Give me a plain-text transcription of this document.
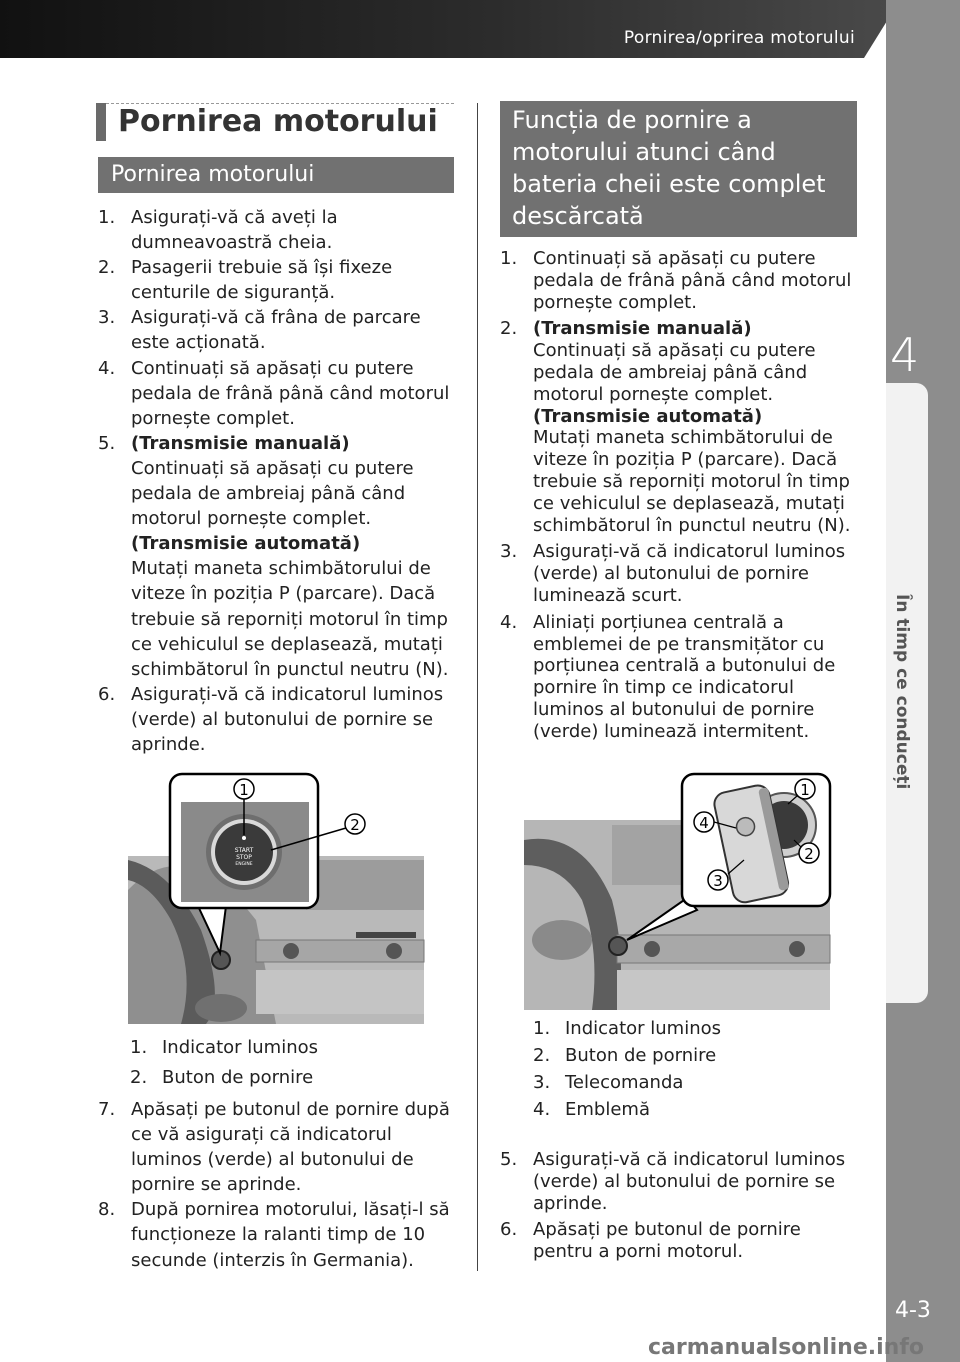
Pornirea/oprirea motorului
4
În timp ce conduceți
4-3
carmanualsonline.info
Pornirea motorului
Pornirea motorului
1. Asigurați-vă că aveți la dumneavoastră cheia.
2. Pasagerii trebuie să își fixeze centurile de siguranță.
3. Asigurați-vă că frâna de parcare este acționată.
4. Continuați să apăsați cu putere pedala de frână până când motorul pornește complet.
5. (Transmisie manuală)
Continuați să apăsați cu putere pedala de ambreiaj până când motorul pornește complet.
(Transmisie automată)
Mutați maneta schimbătorului de viteze în poziția P (parcare). Dacă trebuie să reporniți motorul în timp ce vehiculul se deplasează, mutați schimbătorul în punctul neutru (N).
6. Asigurați-vă că indicatorul luminos (verde) al butonului de pornire se aprinde.
START
STOP
ENGINE
1
2
1. Indicator luminos
2. Buton de pornire
7. Apăsați pe butonul de pornire după ce vă asigurați că indicatorul luminos (verde) al butonului de pornire se aprinde.
8. După pornirea motorului, lăsați-l să funcționeze la ralanti timp de 10 secunde (interzis în Germania).
Funcția de pornire a motorului atunci când bateria cheii este complet descărcată
1. Continuați să apăsați cu putere pedala de frână până când motorul pornește complet.
2. (Transmisie manuală)
Continuați să apăsați cu putere pedala de ambreiaj până când motorul pornește complet.
(Transmisie automată)
Mutați maneta schimbătorului de viteze în poziția P (parcare). Dacă trebuie să reporniți motorul în timp ce vehiculul se deplasează, mutați schimbătorul în punctul neutru (N).
3. Asigurați-vă că indicatorul luminos (verde) al butonului de pornire luminează scurt.
4. Aliniați porțiunea centrală a emblemei de pe transmițător cu porțiunea centrală a butonului de pornire în timp ce indicatorul luminos al butonului de pornire (verde) luminează intermitent.
1
2
3
4
1. Indicator luminos
2. Buton de pornire
3. Telecomanda
4. Emblemă
5. Asigurați-vă că indicatorul luminos (verde) al butonului de pornire se aprinde.
6. Apăsați pe butonul de pornire pentru a porni motorul.
